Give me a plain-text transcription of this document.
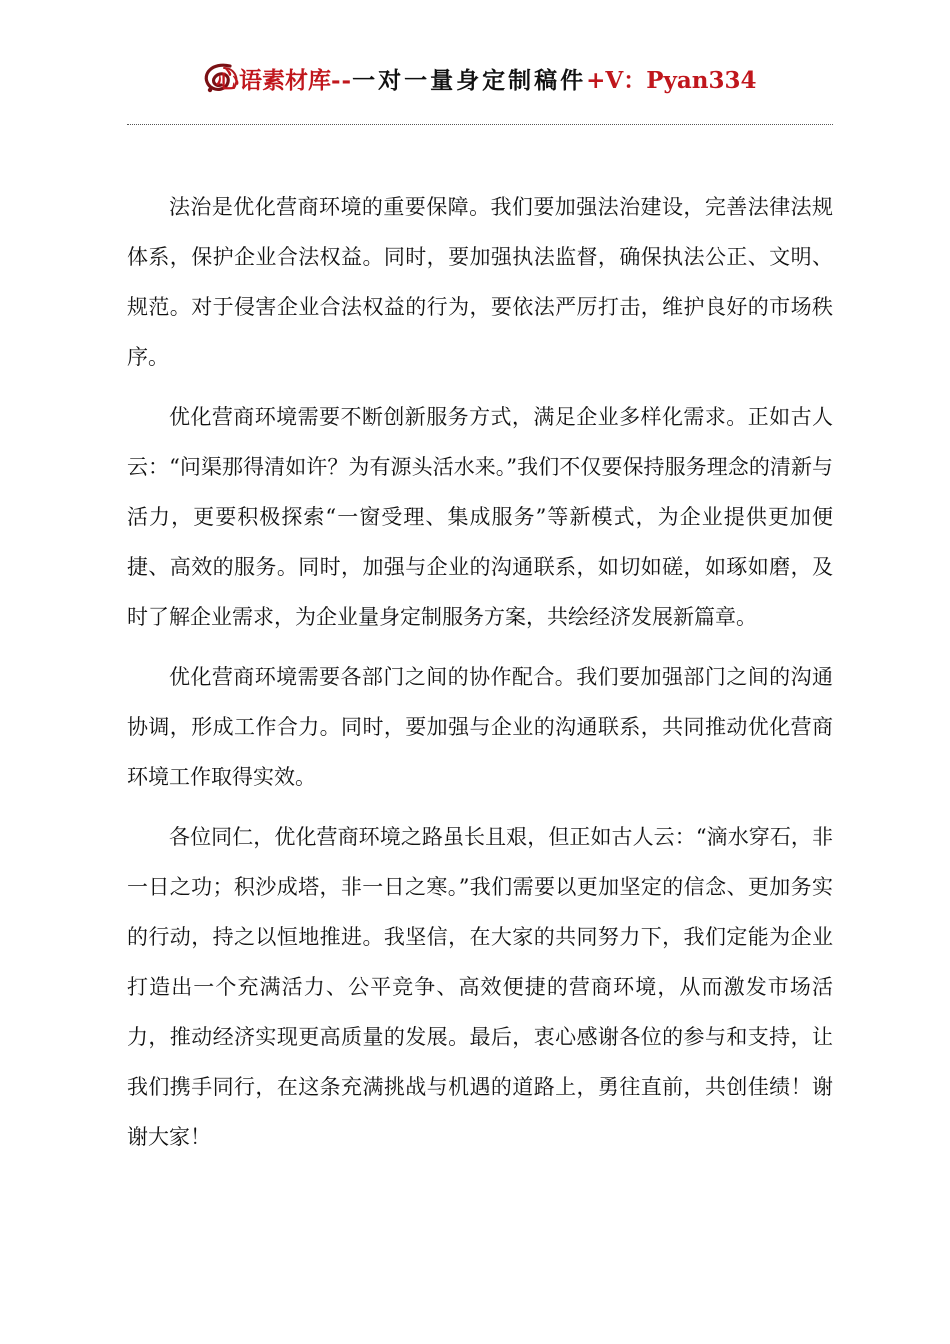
心语素材库--一对一量身定制稿件+V：Pyan334

法治是优化营商环境的重要保障。我们要加强法治建设，完善法律法规体系，保护企业合法权益。同时，要加强执法监督，确保执法公正、文明、规范。对于侵害企业合法权益的行为，要依法严厉打击，维护良好的市场秩序。

优化营商环境需要不断创新服务方式，满足企业多样化需求。正如古人云：“问渠那得清如许？为有源头活水来。”我们不仅要保持服务理念的清新与活力，更要积极探索“一窗受理、集成服务”等新模式，为企业提供更加便捷、高效的服务。同时，加强与企业的沟通联系，如切如磋，如琢如磨，及时了解企业需求，为企业量身定制服务方案，共绘经济发展新篇章。

优化营商环境需要各部门之间的协作配合。我们要加强部门之间的沟通协调，形成工作合力。同时，要加强与企业的沟通联系，共同推动优化营商环境工作取得实效。

各位同仁，优化营商环境之路虽长且艰，但正如古人云：“滴水穿石，非一日之功；积沙成塔，非一日之寒。”我们需要以更加坚定的信念、更加务实的行动，持之以恒地推进。我坚信，在大家的共同努力下，我们定能为企业打造出一个充满活力、公平竞争、高效便捷的营商环境，从而激发市场活力，推动经济实现更高质量的发展。最后，衷心感谢各位的参与和支持，让我们携手同行，在这条充满挑战与机遇的道路上，勇往直前，共创佳绩！谢谢大家！
